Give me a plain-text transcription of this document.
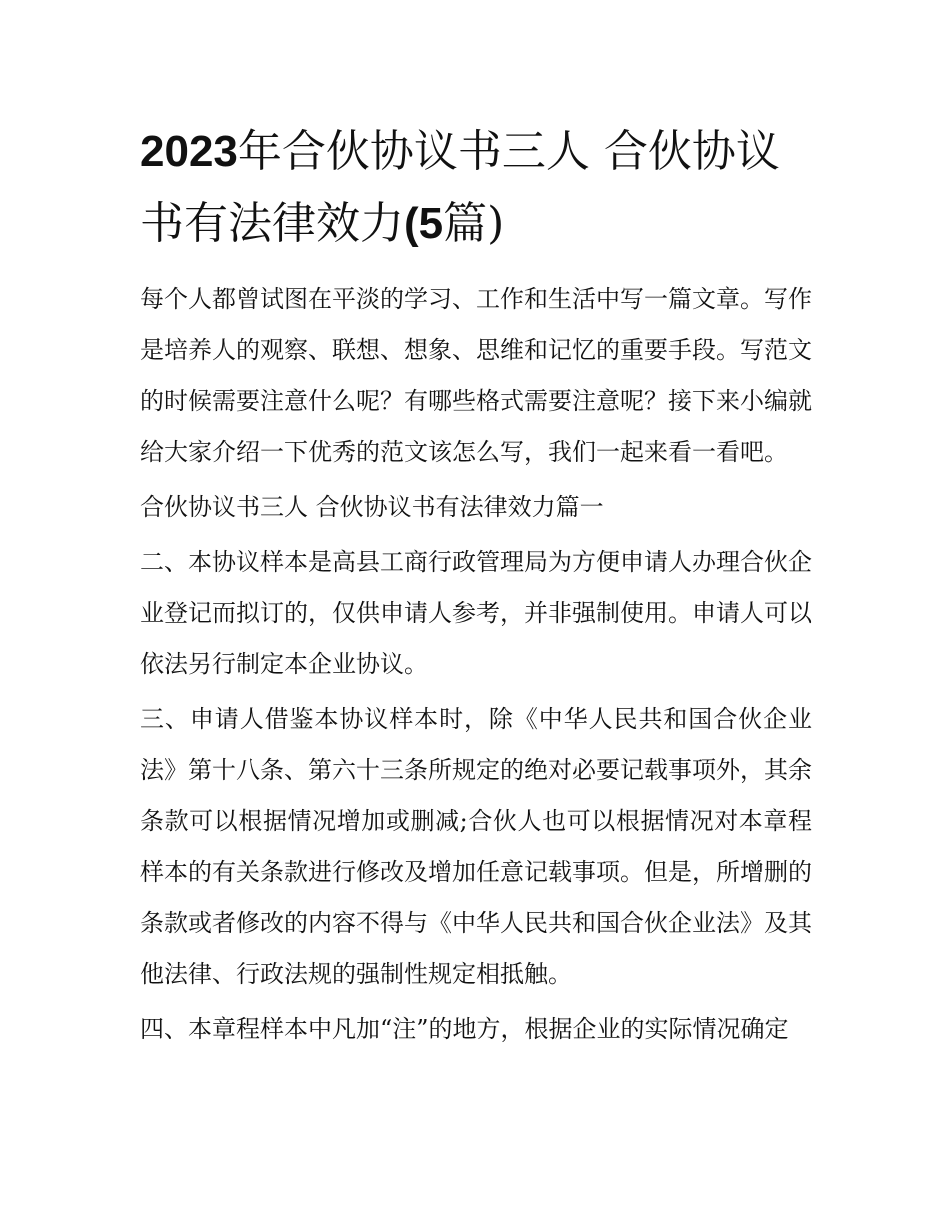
2023年合伙协议书三人 合伙协议书有法律效力(5篇)

每个人都曾试图在平淡的学习、工作和生活中写一篇文章。写作是培养人的观察、联想、想象、思维和记忆的重要手段。写范文的时候需要注意什么呢？有哪些格式需要注意呢？接下来小编就给大家介绍一下优秀的范文该怎么写，我们一起来看一看吧。

合伙协议书三人 合伙协议书有法律效力篇一

二、本协议样本是高县工商行政管理局为方便申请人办理合伙企业登记而拟订的，仅供申请人参考，并非强制使用。申请人可以依法另行制定本企业协议。

三、申请人借鉴本协议样本时，除《中华人民共和国合伙企业法》第十八条、第六十三条所规定的绝对必要记载事项外，其余条款可以根据情况增加或删减;合伙人也可以根据情况对本章程样本的有关条款进行修改及增加任意记载事项。但是，所增删的条款或者修改的内容不得与《中华人民共和国合伙企业法》及其他法律、行政法规的强制性规定相抵触。

四、本章程样本中凡加“注”的地方，根据企业的实际情况确定
